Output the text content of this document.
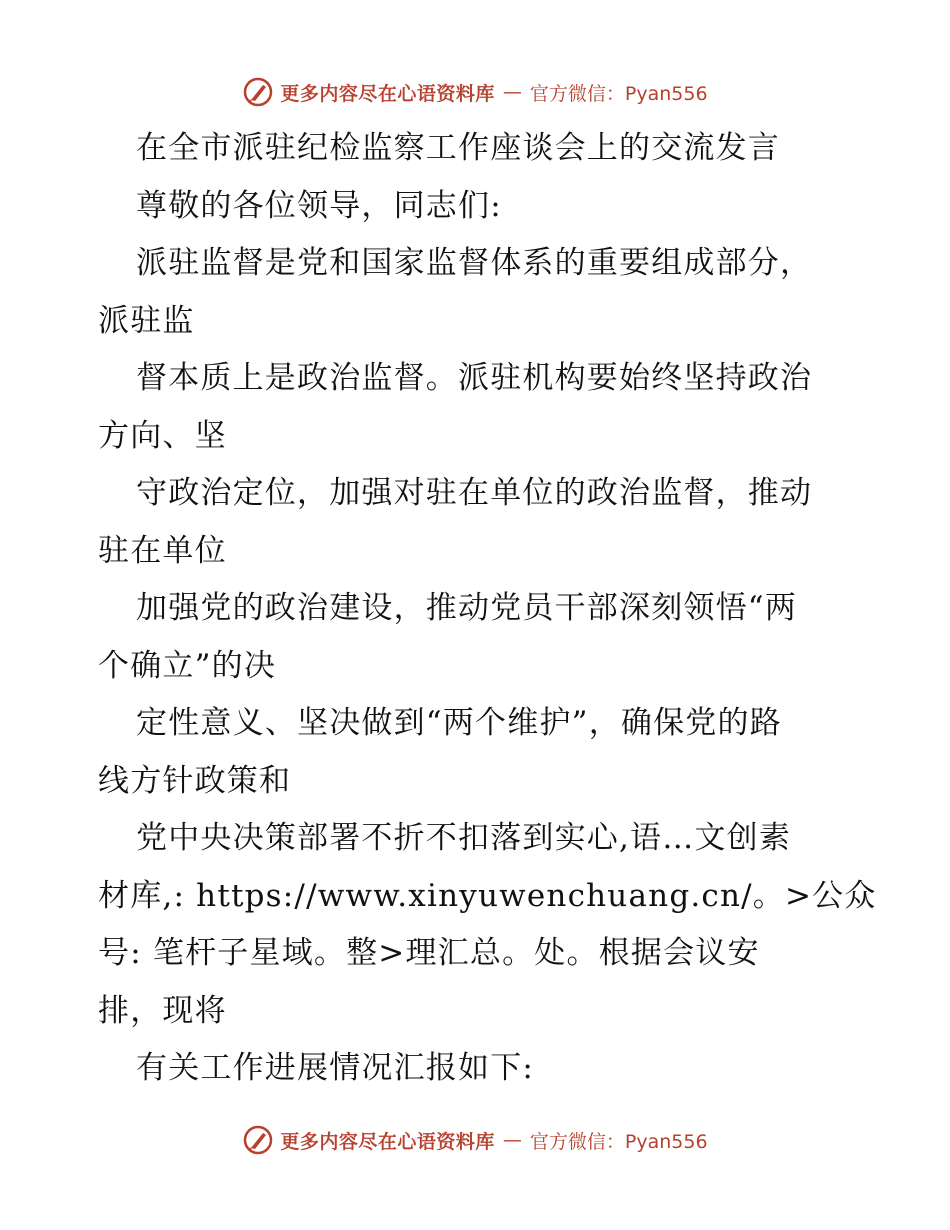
更多内容尽在心语资料库 — 官方微信：Pyan556
在全市派驻纪检监察工作座谈会上的交流发言
尊敬的各位领导，同志们:
派驻监督是党和国家监督体系的重要组成部分，
派驻监
督本质上是政治监督。派驻机构要始终坚持政治
方向、坚
守政治定位，加强对驻在单位的政治监督，推动
驻在单位
加强党的政治建设，推动党员干部深刻领悟“两
个确立”的决
定性意义、坚决做到“两个维护”，确保党的路
线方针政策和
党中央决策部署不折不扣落到实心,语…文创素
材库,: https://www.xinyuwenchuang.cn/。>公众
号: 笔杆子星域。整>理汇总。处。根据会议安
排，现将
有关工作进展情况汇报如下:
更多内容尽在心语资料库 — 官方微信：Pyan556
